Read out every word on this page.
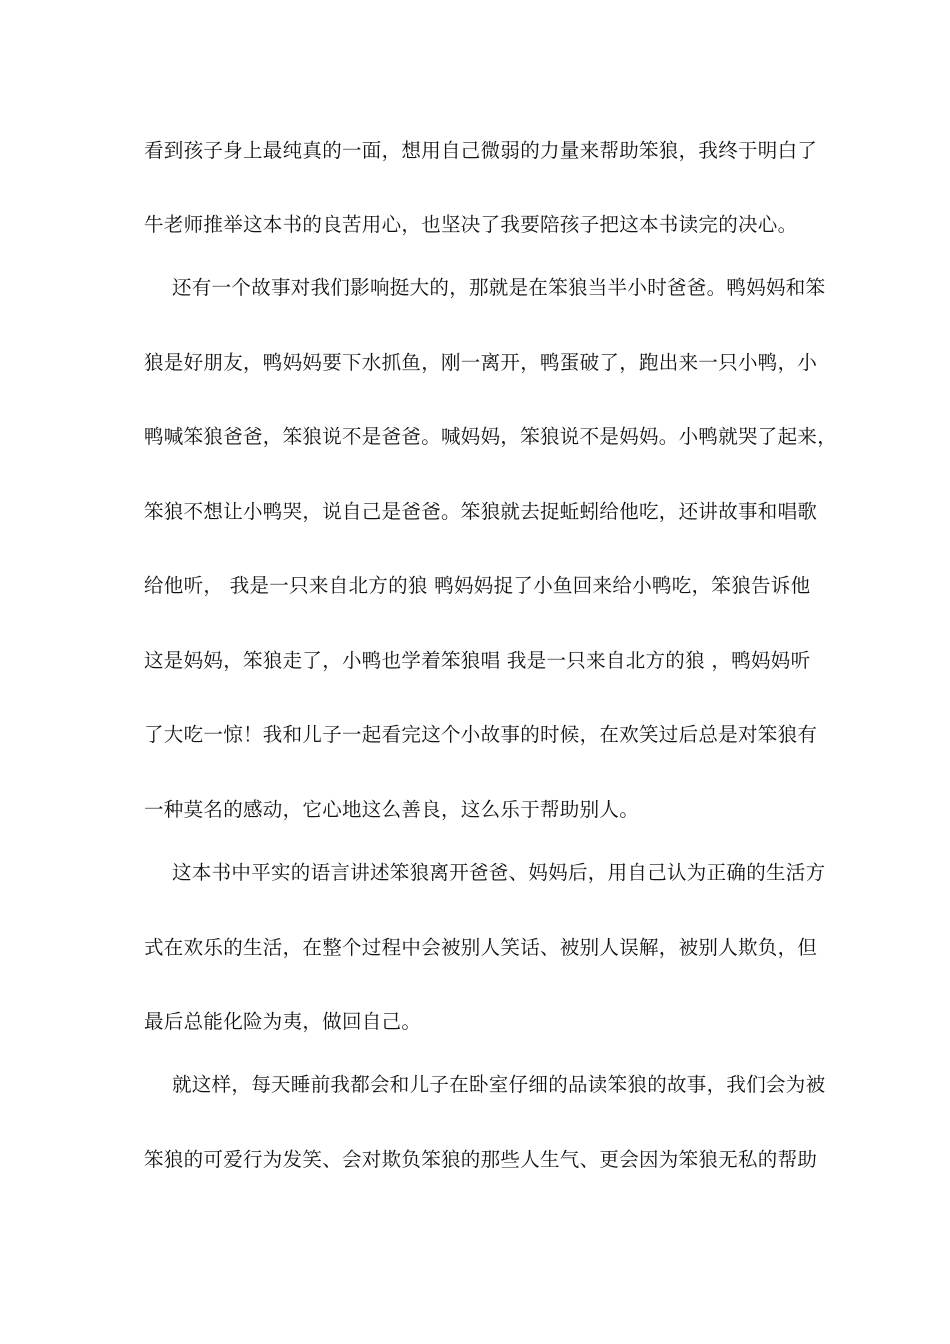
看到孩子身上最纯真的一面，想用自己微弱的力量来帮助笨狼，我终于明白了

牛老师推举这本书的良苦用心，也坚决了我要陪孩子把这本书读完的决心。

还有一个故事对我们影响挺大的，那就是在笨狼当半小时爸爸。鸭妈妈和笨

狼是好朋友，鸭妈妈要下水抓鱼，刚一离开，鸭蛋破了，跑出来一只小鸭，小

鸭喊笨狼爸爸，笨狼说不是爸爸。喊妈妈，笨狼说不是妈妈。小鸭就哭了起来，

笨狼不想让小鸭哭，说自己是爸爸。笨狼就去捉蚯蚓给他吃，还讲故事和唱歌

给他听， 我是一只来自北方的狼 鸭妈妈捉了小鱼回来给小鸭吃，笨狼告诉他

这是妈妈，笨狼走了，小鸭也学着笨狼唱 我是一只来自北方的狼 ，鸭妈妈听

了大吃一惊！我和儿子一起看完这个小故事的时候，在欢笑过后总是对笨狼有

一种莫名的感动，它心地这么善良，这么乐于帮助别人。

这本书中平实的语言讲述笨狼离开爸爸、妈妈后，用自己认为正确的生活方

式在欢乐的生活，在整个过程中会被别人笑话、被别人误解，被别人欺负，但

最后总能化险为夷，做回自己。

就这样，每天睡前我都会和儿子在卧室仔细的品读笨狼的故事，我们会为被

笨狼的可爱行为发笑、会对欺负笨狼的那些人生气、更会因为笨狼无私的帮助
